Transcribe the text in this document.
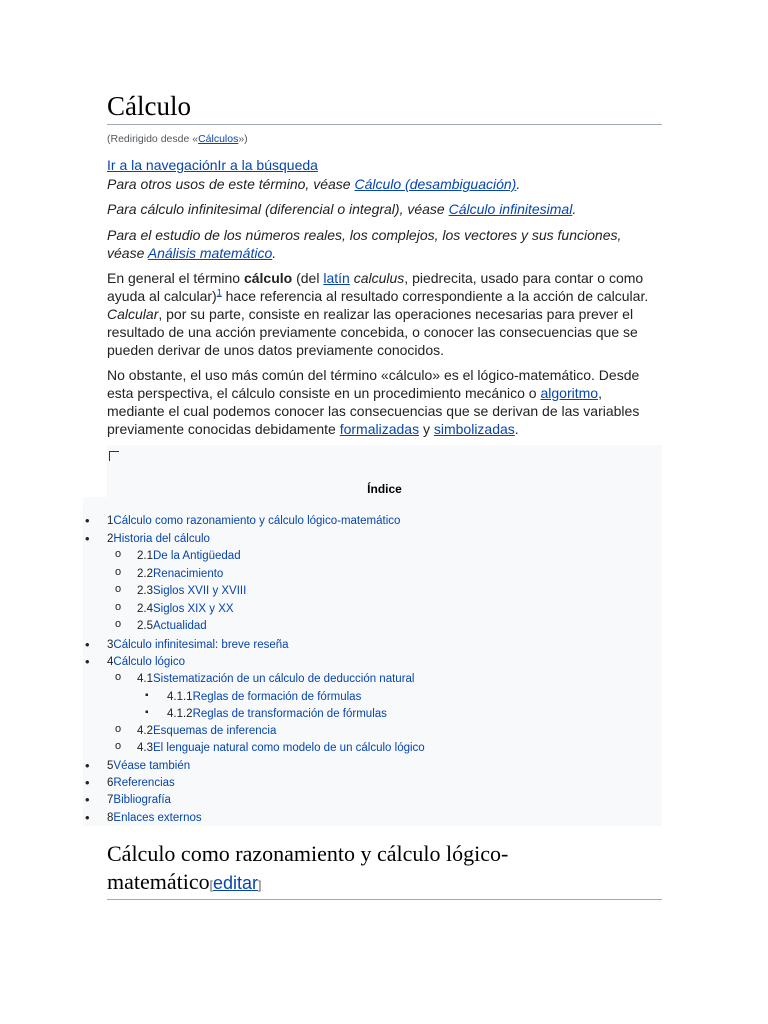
Cálculo
(Redirigido desde «Cálculos»)
Ir a la navegaciónIr a la búsqueda
Para otros usos de este término, véase Cálculo (desambiguación).
Para cálculo infinitesimal (diferencial o integral), véase Cálculo infinitesimal.
Para el estudio de los números reales, los complejos, los vectores y sus funciones, véase Análisis matemático.
En general el término cálculo (del latín calculus, piedrecita, usado para contar o como ayuda al calcular)$^1$ hace referencia al resultado correspondiente a la acción de calcular. Calcular, por su parte, consiste en realizar las operaciones necesarias para prever el resultado de una acción previamente concebida, o conocer las consecuencias que se pueden derivar de unos datos previamente conocidos.
No obstante, el uso más común del término «cálculo» es el lógico-matemático. Desde esta perspectiva, el cálculo consiste en un procedimiento mecánico o algoritmo, mediante el cual podemos conocer las consecuencias que se derivan de las variables previamente conocidas debidamente formalizadas y simbolizadas.
Índice
•
1Cálculo como razonamiento y cálculo lógico-matemático
•
2Historia del cálculo
o
2.1De la Antigüedad
o
2.2Renacimiento
o
2.3Siglos XVII y XVIII
o
2.4Siglos XIX y XX
o
2.5Actualidad
•
3Cálculo infinitesimal: breve reseña
•
4Cálculo lógico
o
4.1Sistematización de un cálculo de deducción natural
▪
4.1.1Reglas de formación de fórmulas
▪
4.1.2Reglas de transformación de fórmulas
o
4.2Esquemas de inferencia
o
4.3El lenguaje natural como modelo de un cálculo lógico
•
5Véase también
•
6Referencias
•
7Bibliografía
•
8Enlaces externos
Cálculo como razonamiento y cálculo lógico-
matemático[editar]
